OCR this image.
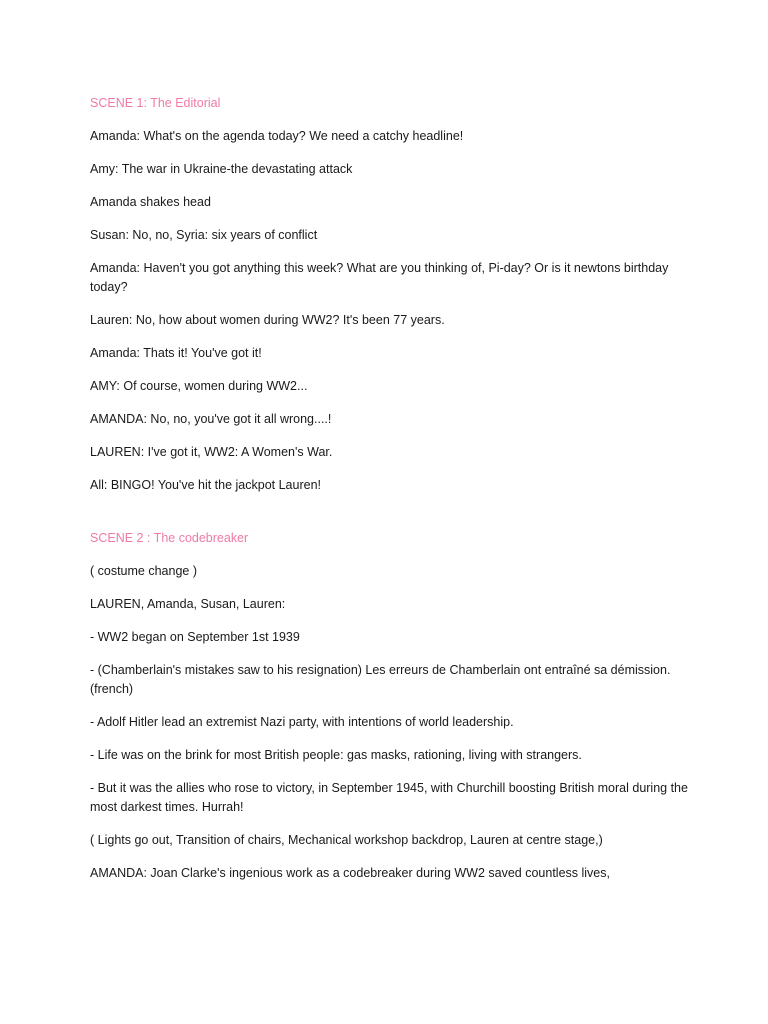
SCENE 1: The Editorial
Amanda: What's on the agenda today? We need a catchy headline!
Amy: The war in Ukraine-the devastating attack
Amanda shakes head
Susan: No, no, Syria: six years of conflict
Amanda: Haven't you got anything this week? What are you thinking of, Pi-day? Or is it newtons birthday today?
Lauren: No, how about women during WW2? It's been 77 years.
Amanda: Thats it! You've got it!
AMY: Of course, women during WW2...
AMANDA: No, no, you've got it all wrong....!
LAUREN: I've got it, WW2: A Women's War.
All: BINGO! You've hit the jackpot Lauren!
SCENE 2 : The codebreaker
( costume change )
LAUREN, Amanda, Susan, Lauren:
- WW2 began on September 1st 1939
- (Chamberlain's mistakes saw to his resignation) Les erreurs de Chamberlain ont entraîné sa démission. (french)
- Adolf Hitler lead an extremist Nazi party, with intentions of world leadership.
- Life was on the brink for most British people: gas masks, rationing, living with strangers.
- But it was the allies who rose to victory, in September 1945, with Churchill boosting British moral during the most darkest times. Hurrah!
( Lights go out, Transition of chairs, Mechanical workshop backdrop, Lauren at centre stage,)
AMANDA: Joan Clarke's ingenious work as a codebreaker during WW2 saved countless lives,
